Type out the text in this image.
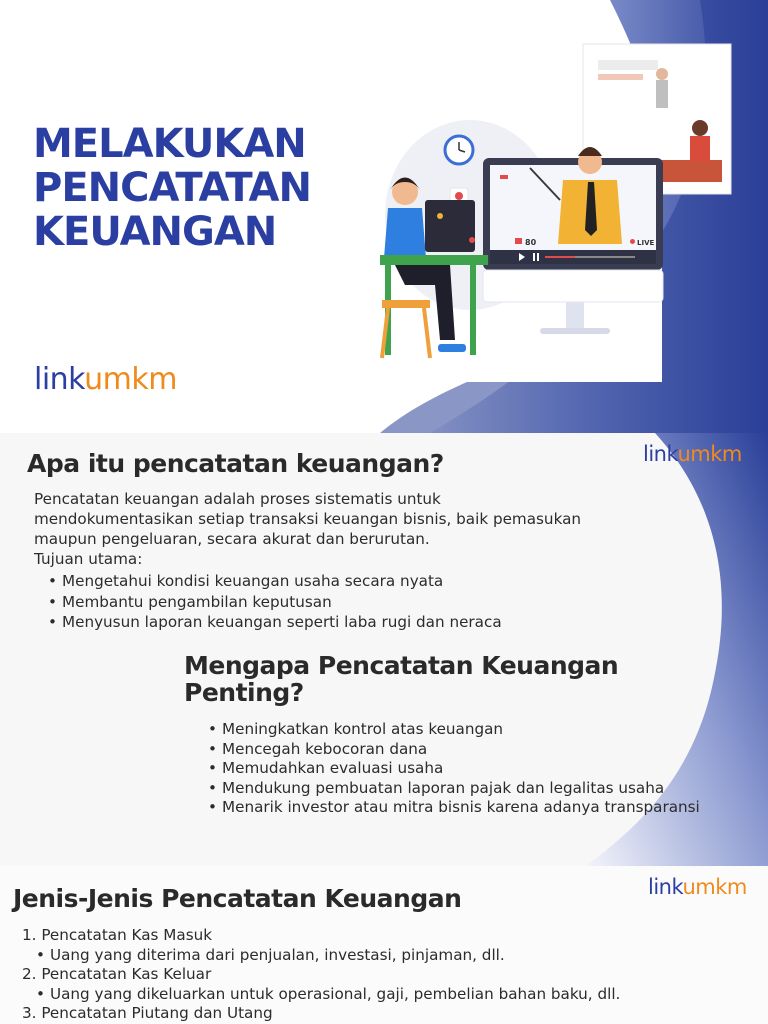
80	LIVE
MELAKUKAN
PENCATATAN
KEUANGAN
linkumkm
linkumkm
Apa itu pencatatan keuangan?
Pencatatan keuangan adalah proses sistematis untuk
mendokumentasikan setiap transaksi keuangan bisnis, baik pemasukan
maupun pengeluaran, secara akurat dan berurutan.
Tujuan utama:
• Mengetahui kondisi keuangan usaha secara nyata
• Membantu pengambilan keputusan
• Menyusun laporan keuangan seperti laba rugi dan neraca
Mengapa Pencatatan Keuangan
Penting?
• Meningkatkan kontrol atas keuangan
• Mencegah kebocoran dana
• Memudahkan evaluasi usaha
• Mendukung pembuatan laporan pajak dan legalitas usaha
• Menarik investor atau mitra bisnis karena adanya transparansi
linkumkm
Jenis-Jenis Pencatatan Keuangan
1. Pencatatan Kas Masuk
• Uang yang diterima dari penjualan, investasi, pinjaman, dll.
2. Pencatatan Kas Keluar
• Uang yang dikeluarkan untuk operasional, gaji, pembelian bahan baku, dll.
3. Pencatatan Piutang dan Utang
